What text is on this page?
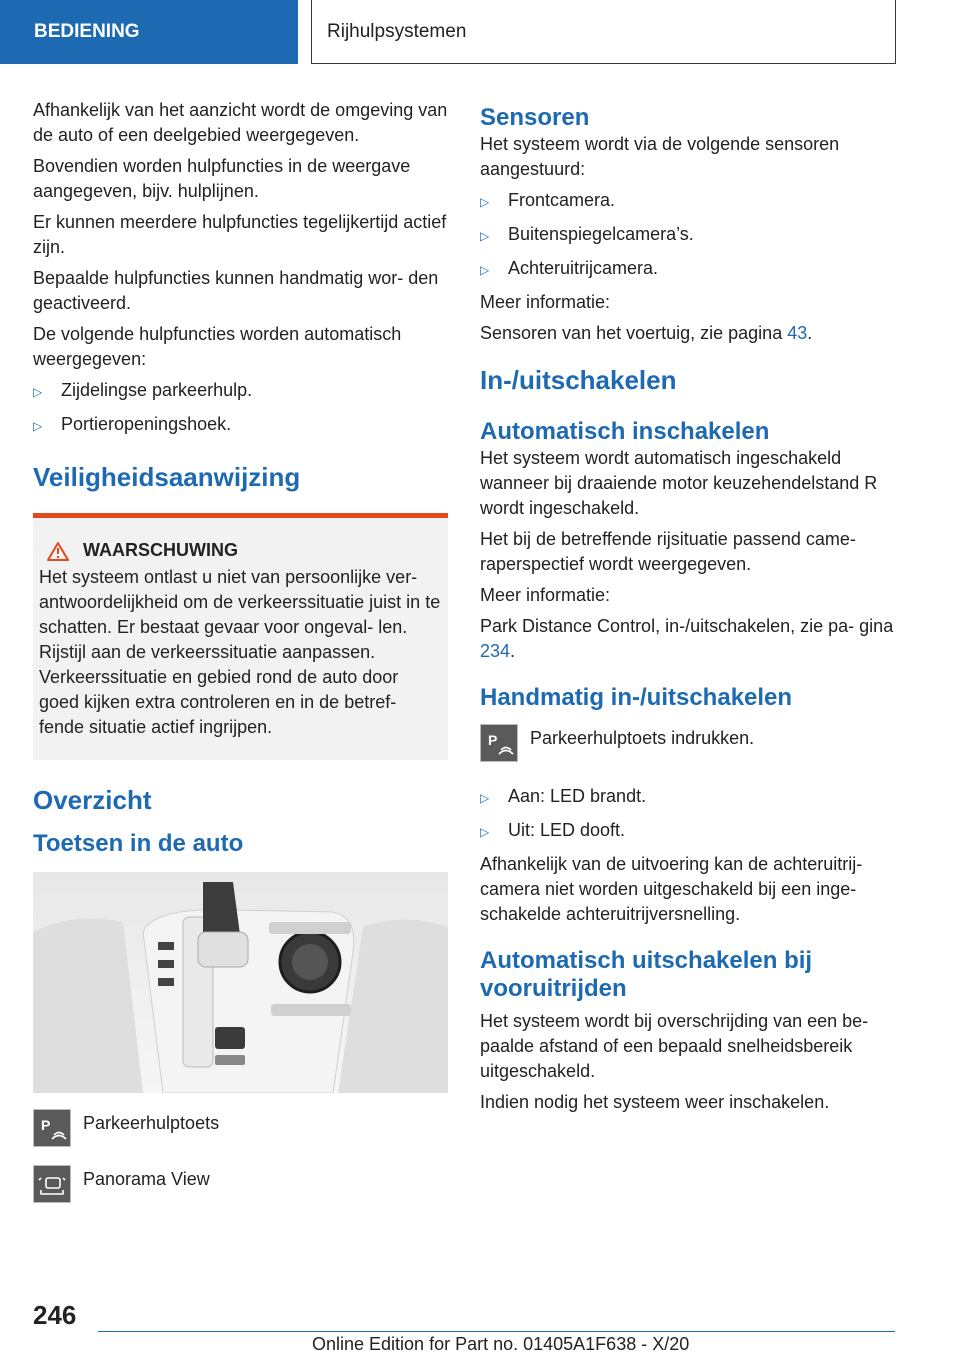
BEDIENING	Rijhulpsystemen

Afhankelijk van het aanzicht wordt de omgeving van de auto of een deelgebied weergegeven.

Bovendien worden hulpfuncties in de weergave aangegeven, bijv. hulplijnen.

Er kunnen meerdere hulpfuncties tegelijkertijd actief zijn.

Bepaalde hulpfuncties kunnen handmatig wor- den geactiveerd.

De volgende hulpfuncties worden automatisch weergegeven:

▷	Zijdelingse parkeerhulp.
▷	Portieropeningshoek.
Veiligheidsaanwijzing
WAARSCHUWING

Het systeem ontlast u niet van persoonlijke ver- antwoordelijkheid om de verkeerssituatie juist in te schatten. Er bestaat gevaar voor ongeval- len. Rijstijl aan de verkeerssituatie aanpassen. Verkeerssituatie en gebied rond de auto door goed kijken extra controleren en in de betref- fende situatie actief ingrijpen.

Overzicht
Toetsen in de auto
P Parkeerhulptoets
Panorama View
Sensoren

Het systeem wordt via de volgende sensoren aangestuurd:

▷	Frontcamera.
▷	Buitenspiegelcamera’s.
▷	Achteruitrijcamera.

Meer informatie:

Sensoren van het voertuig, zie pagina 43.

In-/uitschakelen
Automatisch inschakelen

Het systeem wordt automatisch ingeschakeld wanneer bij draaiende motor keuzehendelstand R wordt ingeschakeld.

Het bij de betreffende rijsituatie passend came- raperspectief wordt weergegeven.

Meer informatie:

Park Distance Control, in-/uitschakelen, zie pa- gina 234.

Handmatig in-/uitschakelen
P Parkeerhulptoets indrukken.
▷	Aan: LED brandt.
▷	Uit: LED dooft.

Afhankelijk van de uitvoering kan de achteruitrij- camera niet worden uitgeschakeld bij een inge- schakelde achteruitrijversnelling.

Automatisch uitschakelen bij vooruitrijden

Het systeem wordt bij overschrijding van een be- paalde afstand of een bepaald snelheidsbereik uitgeschakeld.

Indien nodig het systeem weer inschakelen.

246
Online Edition for Part no. 01405A1F638 - X/20
